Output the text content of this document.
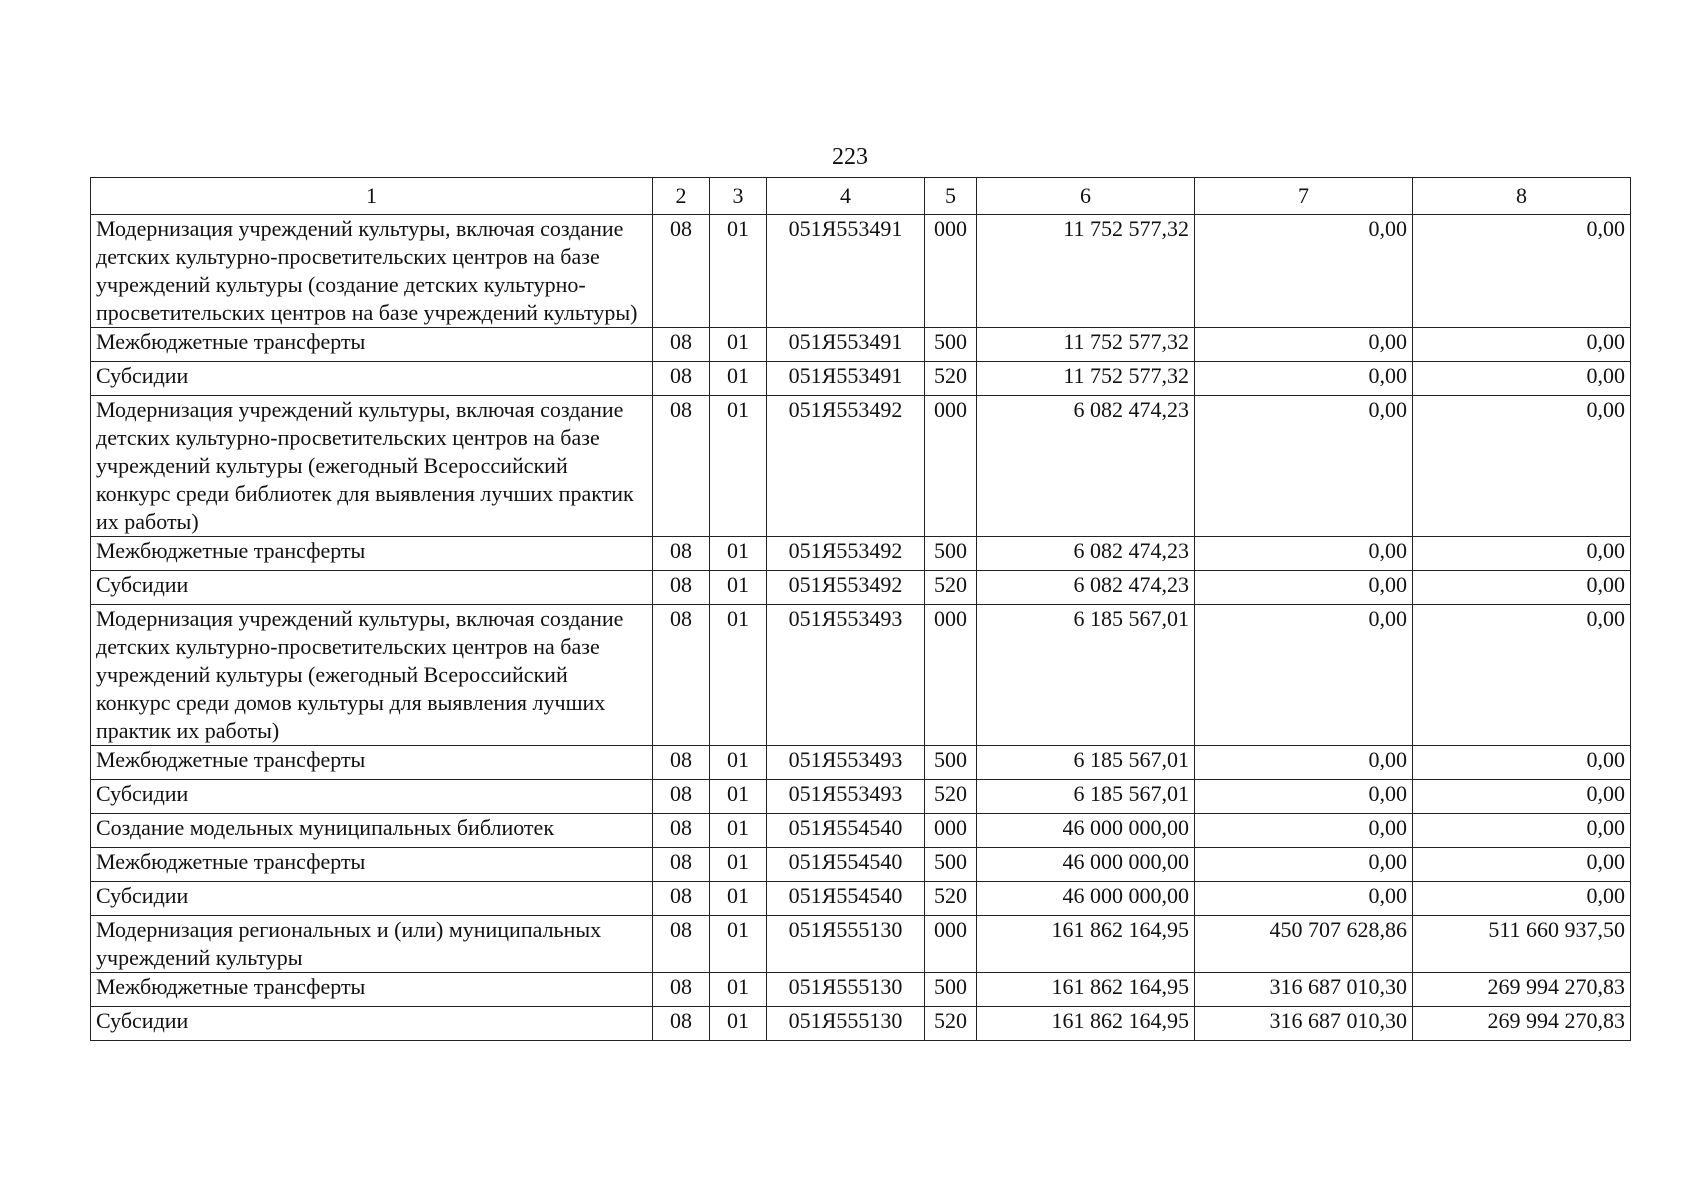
223
1	2	3	4	5	6	7	8
Модернизация учреждений культуры, включая создание детских культурно-просветительских центров на базе учреждений культуры (создание детских культурно-просветительских центров на базе учреждений культуры)	08	01	051Я553491	000	11 752 577,32	0,00	0,00
Межбюджетные трансферты	08	01	051Я553491	500	11 752 577,32	0,00	0,00
Субсидии	08	01	051Я553491	520	11 752 577,32	0,00	0,00
Модернизация учреждений культуры, включая создание детских культурно-просветительских центров на базе учреждений культуры (ежегодный Всероссийский конкурс среди библиотек для выявления лучших практик их работы)	08	01	051Я553492	000	6 082 474,23	0,00	0,00
Межбюджетные трансферты	08	01	051Я553492	500	6 082 474,23	0,00	0,00
Субсидии	08	01	051Я553492	520	6 082 474,23	0,00	0,00
Модернизация учреждений культуры, включая создание детских культурно-просветительских центров на базе учреждений культуры (ежегодный Всероссийский конкурс среди домов культуры для выявления лучших практик их работы)	08	01	051Я553493	000	6 185 567,01	0,00	0,00
Межбюджетные трансферты	08	01	051Я553493	500	6 185 567,01	0,00	0,00
Субсидии	08	01	051Я553493	520	6 185 567,01	0,00	0,00
Создание модельных муниципальных библиотек	08	01	051Я554540	000	46 000 000,00	0,00	0,00
Межбюджетные трансферты	08	01	051Я554540	500	46 000 000,00	0,00	0,00
Субсидии	08	01	051Я554540	520	46 000 000,00	0,00	0,00
Модернизация региональных и (или) муниципальных учреждений культуры	08	01	051Я555130	000	161 862 164,95	450 707 628,86	511 660 937,50
Межбюджетные трансферты	08	01	051Я555130	500	161 862 164,95	316 687 010,30	269 994 270,83
Субсидии	08	01	051Я555130	520	161 862 164,95	316 687 010,30	269 994 270,83
